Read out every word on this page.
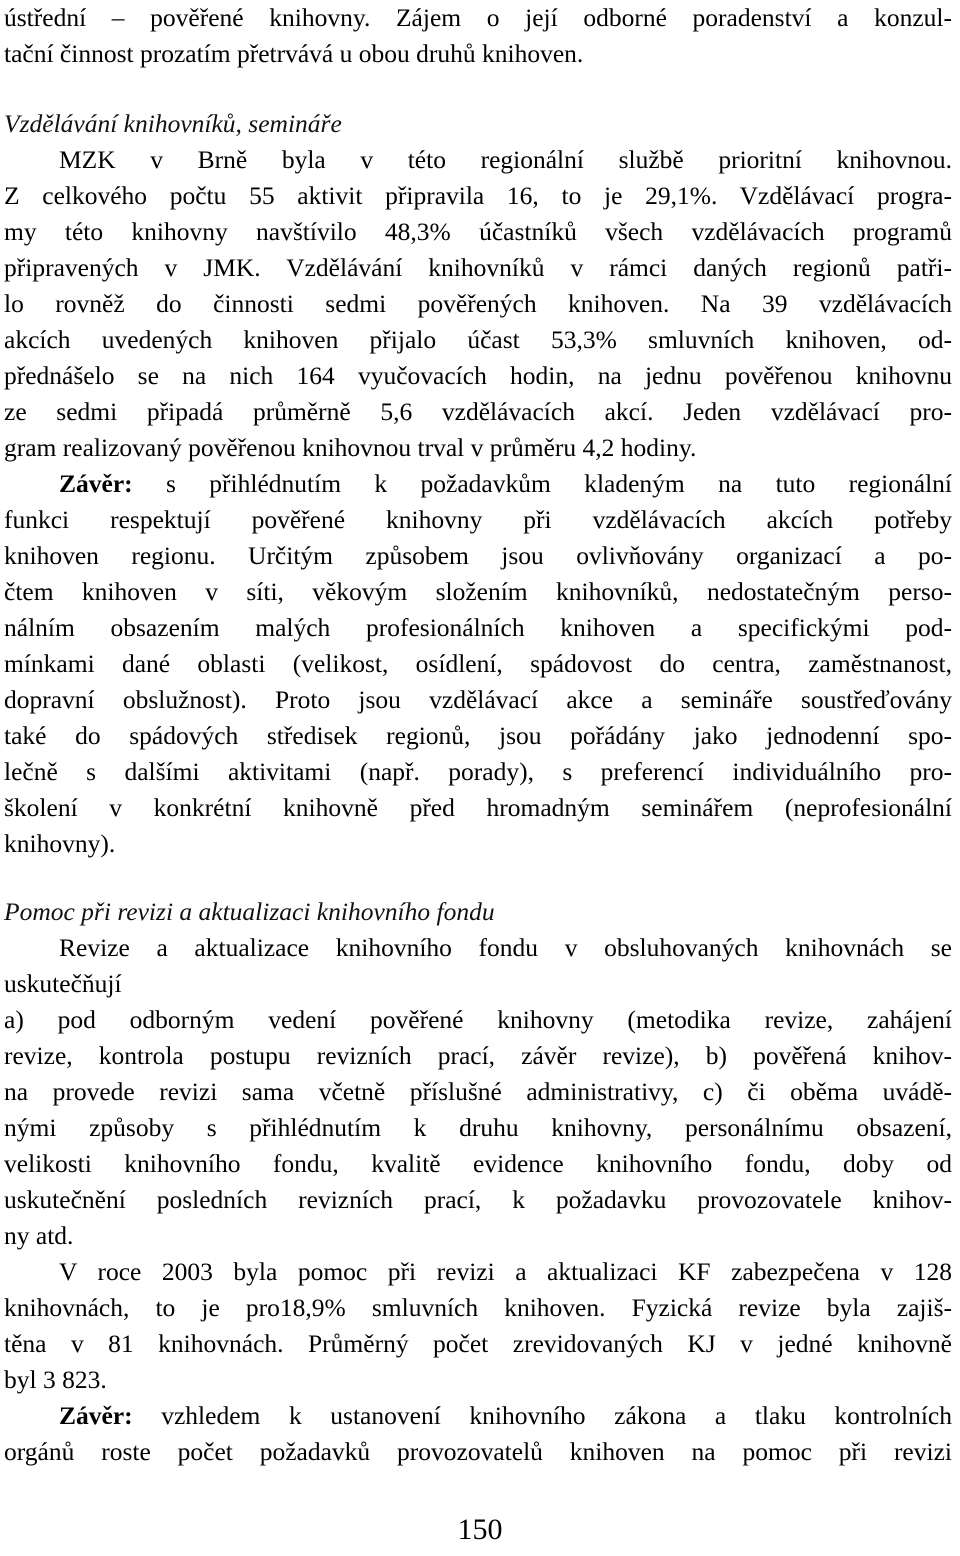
ústřední – pověřené knihovny. Zájem o její odborné poradenství a konzul-
tační činnost prozatím přetrvává u obou druhů knihoven.
Vzdělávání knihovníků, semináře
MZK v Brně byla v této regionální službě prioritní knihovnou.
Z celkového počtu 55 aktivit připravila 16, to je 29,1%. Vzdělávací progra-
my této knihovny navštívilo 48,3% účastníků všech vzdělávacích programů
připravených v JMK. Vzdělávání knihovníků v rámci daných regionů patři-
lo rovněž do činnosti sedmi pověřených knihoven. Na 39 vzdělávacích
akcích uvedených knihoven přijalo účast 53,3% smluvních knihoven, od-
přednášelo se na nich 164 vyučovacích hodin, na jednu pověřenou knihovnu
ze sedmi připadá průměrně 5,6 vzdělávacích akcí. Jeden vzdělávací pro-
gram realizovaný pověřenou knihovnou trval v průměru 4,2 hodiny.
Závěr: s přihlédnutím k požadavkům kladeným na tuto regionální
funkci respektují pověřené knihovny při vzdělávacích akcích potřeby
knihoven regionu. Určitým způsobem jsou ovlivňovány organizací a po-
čtem knihoven v síti, věkovým složením knihovníků, nedostatečným perso-
nálním obsazením malých profesionálních knihoven a specifickými pod-
mínkami dané oblasti (velikost, osídlení, spádovost do centra, zaměstnanost,
dopravní obslužnost). Proto jsou vzdělávací akce a semináře soustřeďovány
také do spádových středisek regionů, jsou pořádány jako jednodenní spo-
lečně s dalšími aktivitami (např. porady), s preferencí individuálního pro-
školení v konkrétní knihovně před hromadným seminářem (neprofesionální
knihovny).
Pomoc při revizi a aktualizaci knihovního fondu
Revize a aktualizace knihovního fondu v obsluhovaných knihovnách se
uskutečňují
a) pod odborným vedení pověřené knihovny (metodika revize, zahájení
revize, kontrola postupu revizních prací, závěr revize), b) pověřená knihov-
na provede revizi sama včetně příslušné administrativy, c) či oběma uvádě-
nými způsoby s přihlédnutím k druhu knihovny, personálnímu obsazení,
velikosti knihovního fondu, kvalitě evidence knihovního fondu, doby od
uskutečnění posledních revizních prací, k požadavku provozovatele knihov-
ny atd.
V roce 2003 byla pomoc při revizi a aktualizaci KF zabezpečena v 128
knihovnách, to je pro18,9% smluvních knihoven. Fyzická revize byla zajiš-
těna v 81 knihovnách. Průměrný počet zrevidovaných KJ v jedné knihovně
byl 3 823.
Závěr: vzhledem k ustanovení knihovního zákona a tlaku kontrolních
orgánů roste počet požadavků provozovatelů knihoven na pomoc při revizi
150
